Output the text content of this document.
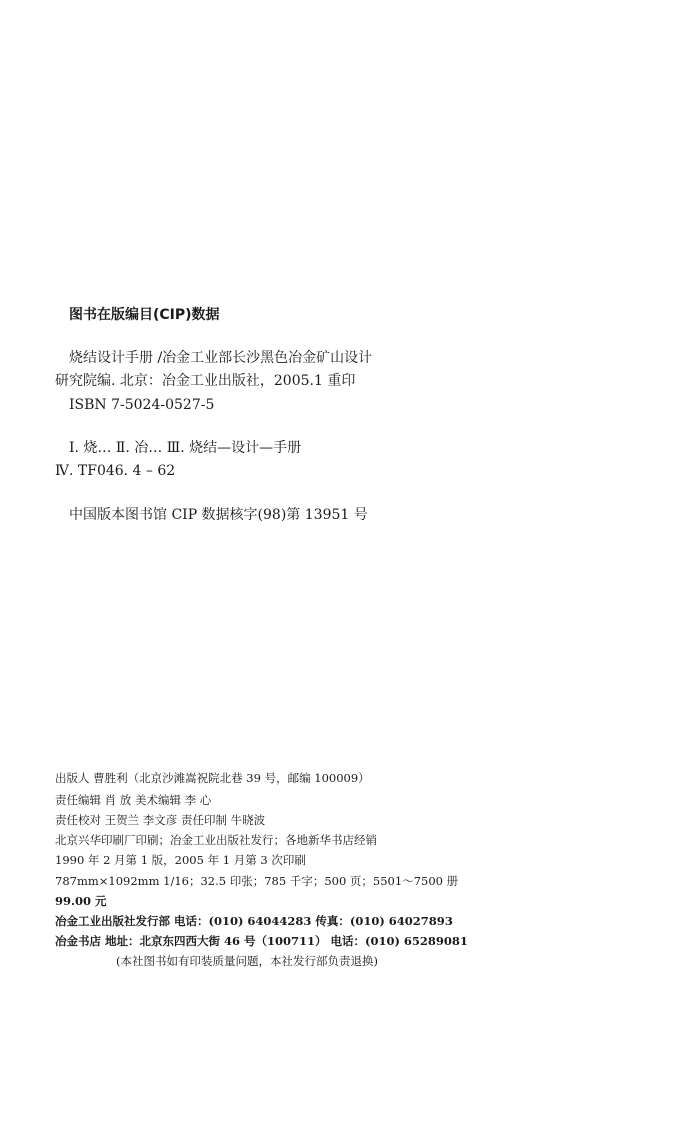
图书在版编目(CIP)数据
烧结设计手册 /冶金工业部长沙黑色冶金矿山设计
研究院编. 北京：冶金工业出版社，2005.1 重印
ISBN 7-5024-0527-5
Ⅰ. 烧… Ⅱ. 冶… Ⅲ. 烧结—设计—手册
Ⅳ. TF046. 4 – 62
中国版本图书馆 CIP 数据核字(98)第 13951 号
出版人 曹胜利（北京沙滩嵩祝院北巷 39 号，邮编 100009）
责任编辑 肖 放 美术编辑 李 心
责任校对 王贺兰 李文彦 责任印制 牛晓波
北京兴华印刷厂印刷；冶金工业出版社发行；各地新华书店经销
1990 年 2 月第 1 版，2005 年 1 月第 3 次印刷
787mm×1092mm 1/16；32.5 印张；785 千字；500 页；5501～7500 册
99.00 元
冶金工业出版社发行部 电话：(010) 64044283 传真：(010) 64027893
冶金书店 地址：北京东四西大街 46 号（100711） 电话：(010) 65289081
(本社图书如有印装质量问题，本社发行部负责退换)
